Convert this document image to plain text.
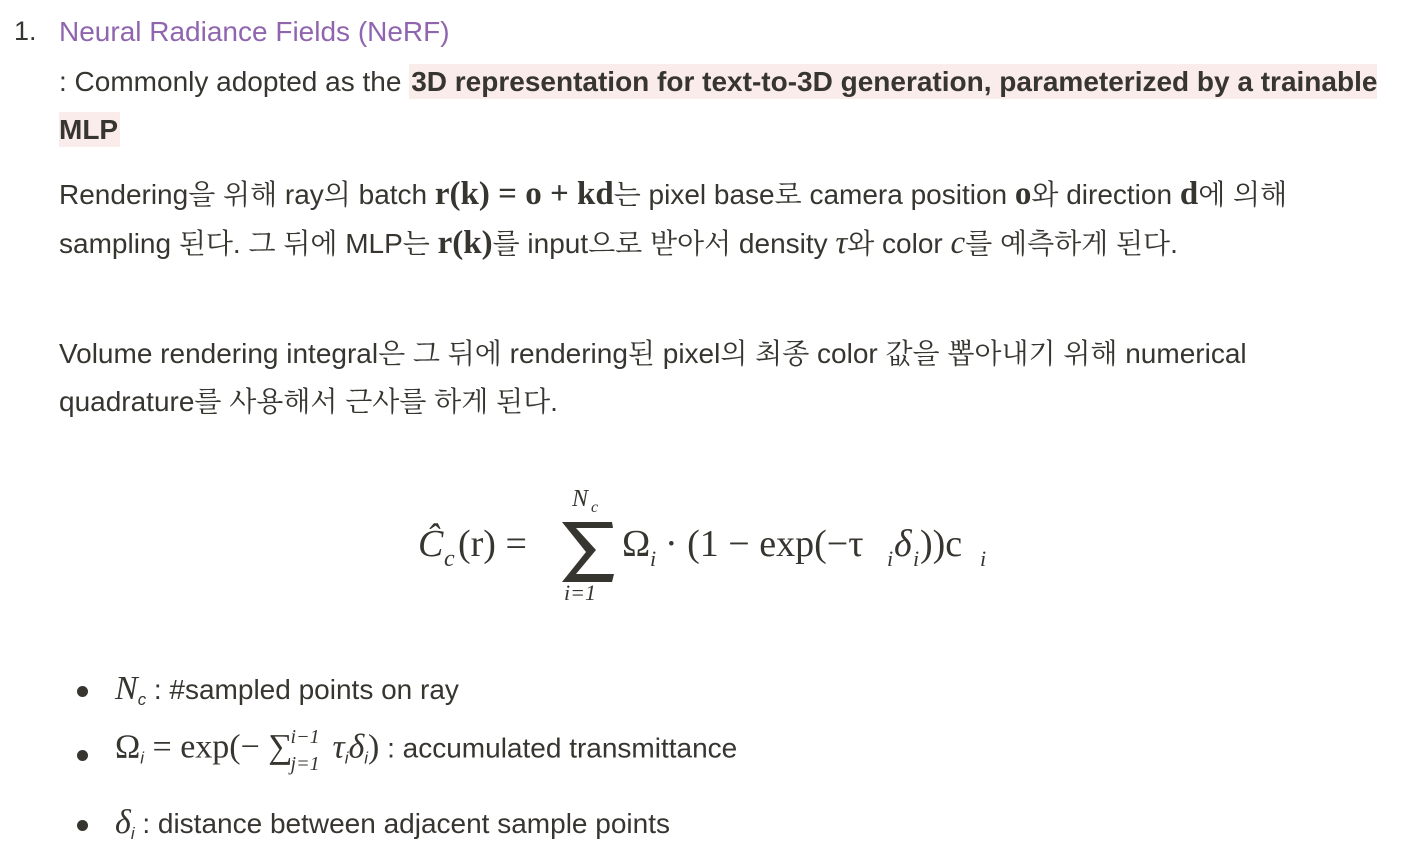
1. Neural Radiance Fields (NeRF)
: Commonly adopted as the 3D representation for text-to-3D generation, parameterized by a trainable MLP
Rendering을 위해 ray의 batch r(k) = o + kd는 pixel base로 camera position o와 direction d에 의해 sampling 된다. 그 뒤에 MLP는 r(k)를 input으로 받아서 density τ와 color c를 예측하게 된다.
Volume rendering integral은 그 뒤에 rendering된 pixel의 최종 color 값을 뽑아내기 위해 numerical quadrature를 사용해서 근사를 하게 된다.
Ĉ c (r) =
N c
i=1
Ω i · (1 − exp(−τ i δ i ))c i
$N_c$ : #sampled points on ray
$\Omega_i = \exp(-$ ∑
i−1
j=1 $\tau_i\delta_i$) : accumulated transmittance
$\delta_i$ : distance between adjacent sample points
